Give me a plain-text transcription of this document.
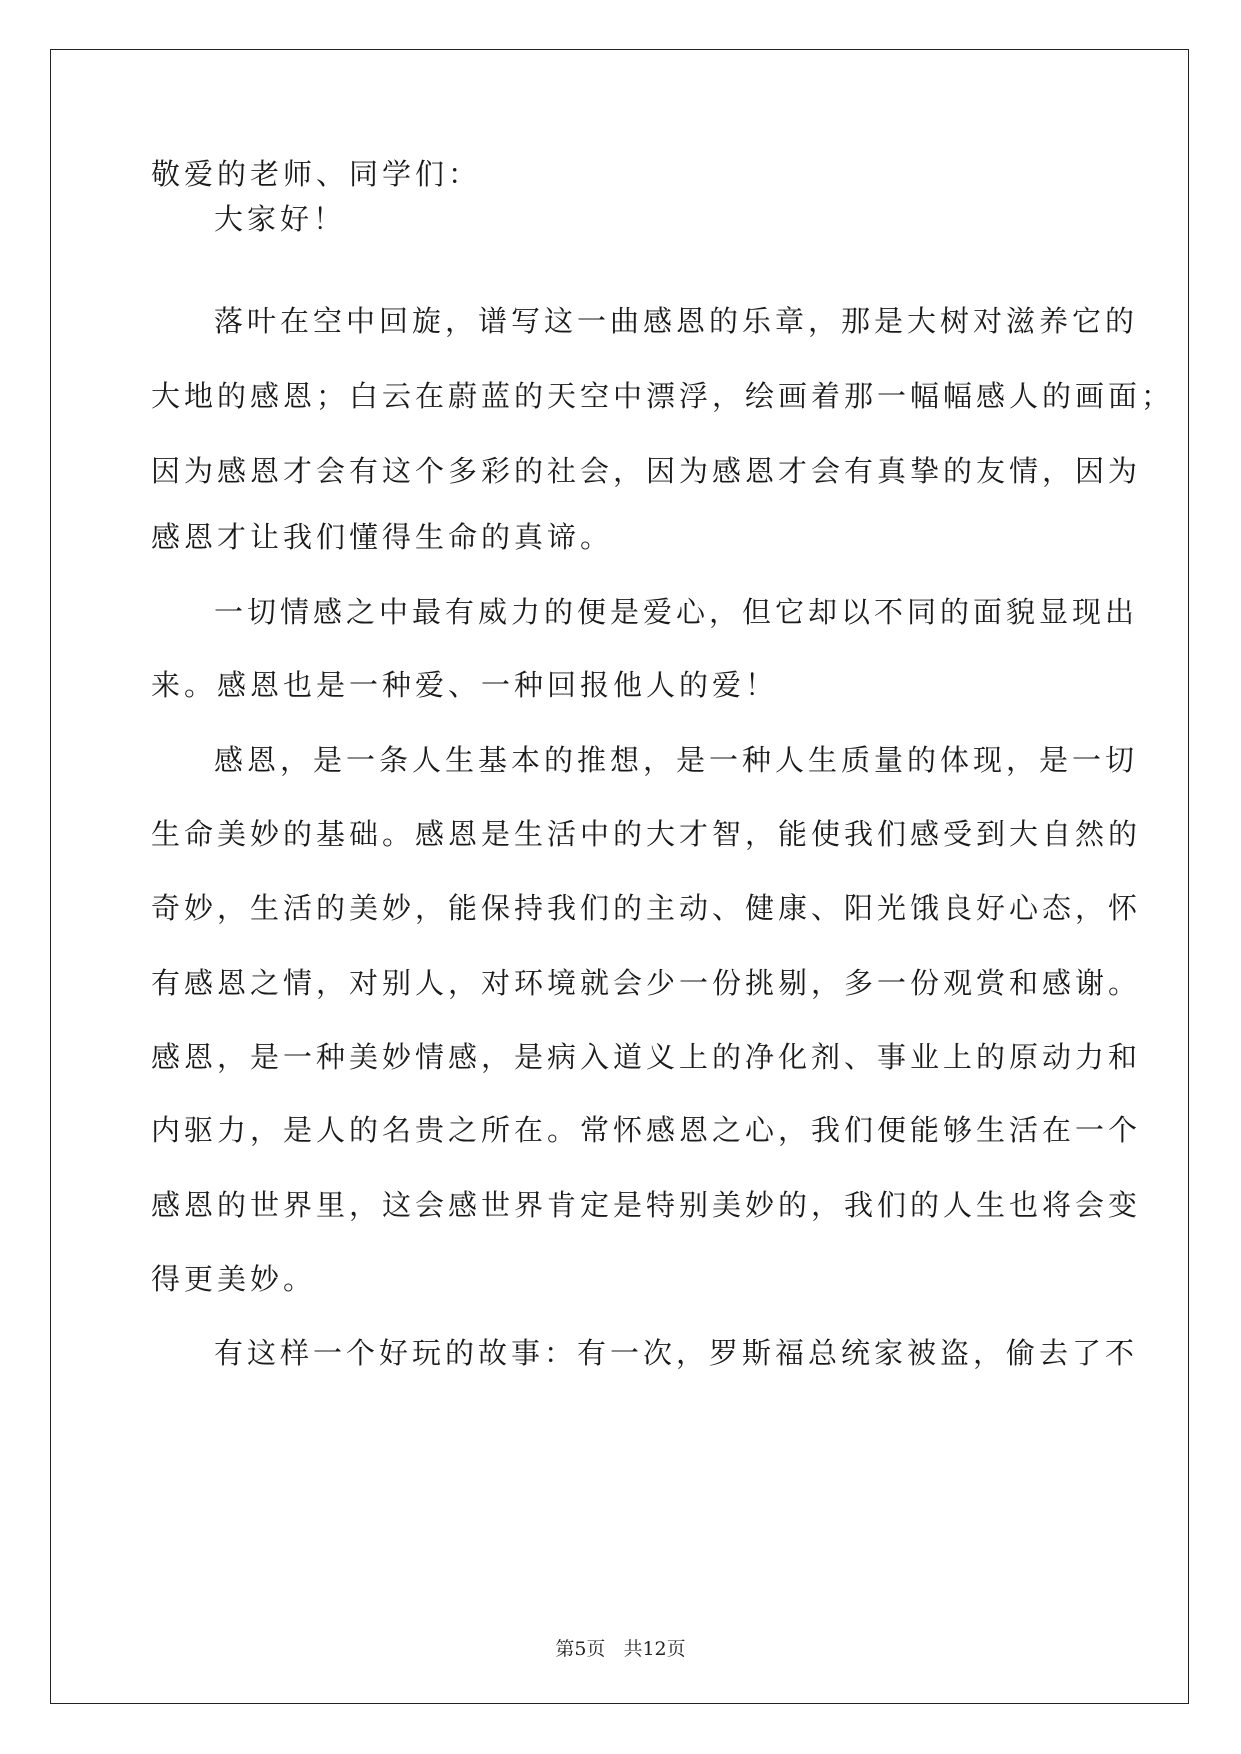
敬爱的老师、同学们：
大家好！
落叶在空中回旋，谱写这一曲感恩的乐章，那是大树对滋养它的
大地的感恩；白云在蔚蓝的天空中漂浮，绘画着那一幅幅感人的画面；
因为感恩才会有这个多彩的社会，因为感恩才会有真挚的友情，因为
感恩才让我们懂得生命的真谛。
一切情感之中最有威力的便是爱心，但它却以不同的面貌显现出
来。感恩也是一种爱、一种回报他人的爱！
感恩，是一条人生基本的推想，是一种人生质量的体现，是一切
生命美妙的基础。感恩是生活中的大才智，能使我们感受到大自然的
奇妙，生活的美妙，能保持我们的主动、健康、阳光饿良好心态，怀
有感恩之情，对别人，对环境就会少一份挑剔，多一份观赏和感谢。
感恩，是一种美妙情感，是病入道义上的净化剂、事业上的原动力和
内驱力，是人的名贵之所在。常怀感恩之心，我们便能够生活在一个
感恩的世界里，这会感世界肯定是特别美妙的，我们的人生也将会变
得更美妙。
有这样一个好玩的故事：有一次，罗斯福总统家被盗，偷去了不
第5页 共12页
